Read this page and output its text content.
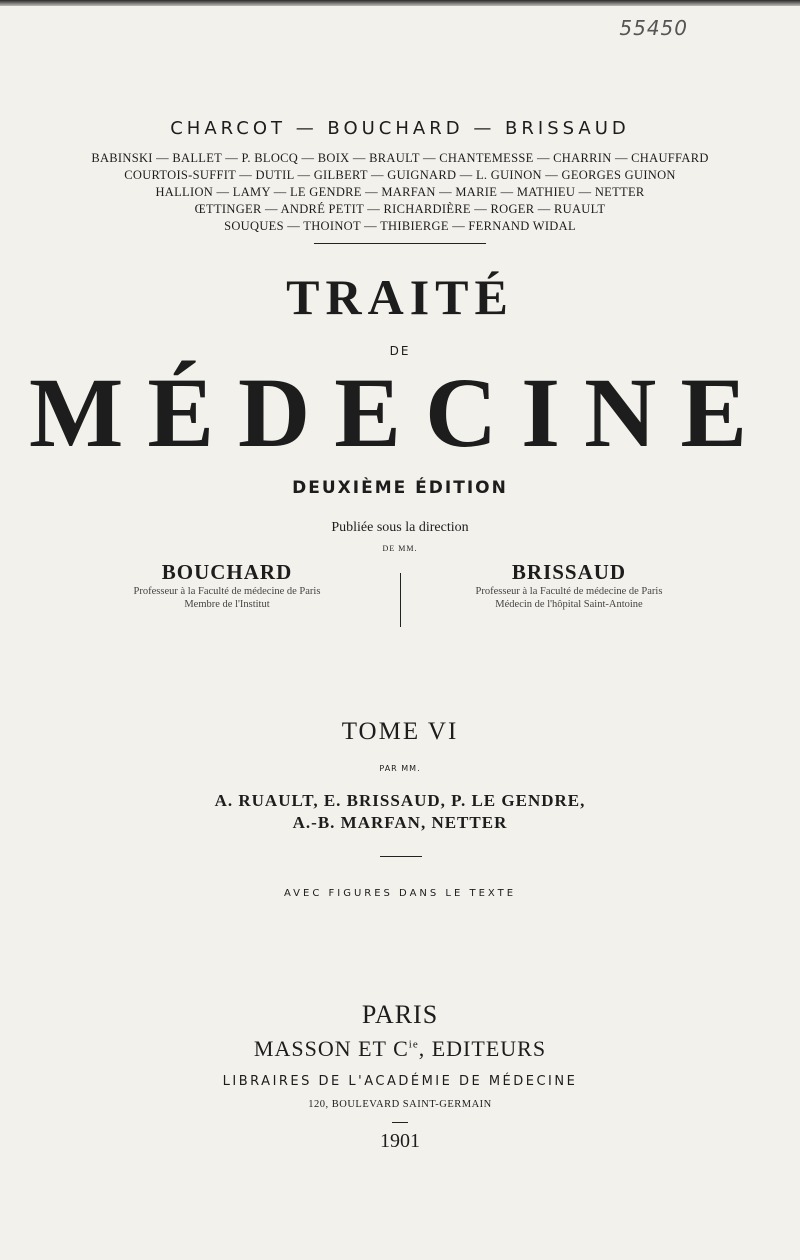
55450
CHARCOT — BOUCHARD — BRISSAUD
BABINSKI — BALLET — P. BLOCQ — BOIX — BRAULT — CHANTEMESSE — CHARRIN — CHAUFFARD
COURTOIS-SUFFIT — DUTIL — GILBERT — GUIGNARD — L. GUINON — GEORGES GUINON
HALLION — LAMY — LE GENDRE — MARFAN — MARIE — MATHIEU — NETTER
ŒTTINGER — ANDRÉ PETIT — RICHARDIÈRE — ROGER — RUAULT
SOUQUES — THOINOT — THIBIERGE — FERNAND WIDAL
TRAITÉ
DE
MÉDECINE
DEUXIÈME ÉDITION
Publiée sous la direction
DE MM.
BOUCHARD
Professeur à la Faculté de médecine de Paris
Membre de l'Institut
BRISSAUD
Professeur à la Faculté de médecine de Paris
Médecin de l'hôpital Saint-Antoine
TOME VI
PAR MM.
A. RUAULT, E. BRISSAUD, P. LE GENDRE,
A.-B. MARFAN, NETTER
AVEC FIGURES DANS LE TEXTE
PARIS
MASSON ET $C^{ie}$, EDITEURS
LIBRAIRES DE L'ACADÉMIE DE MÉDECINE
120, BOULEVARD SAINT-GERMAIN
1901
